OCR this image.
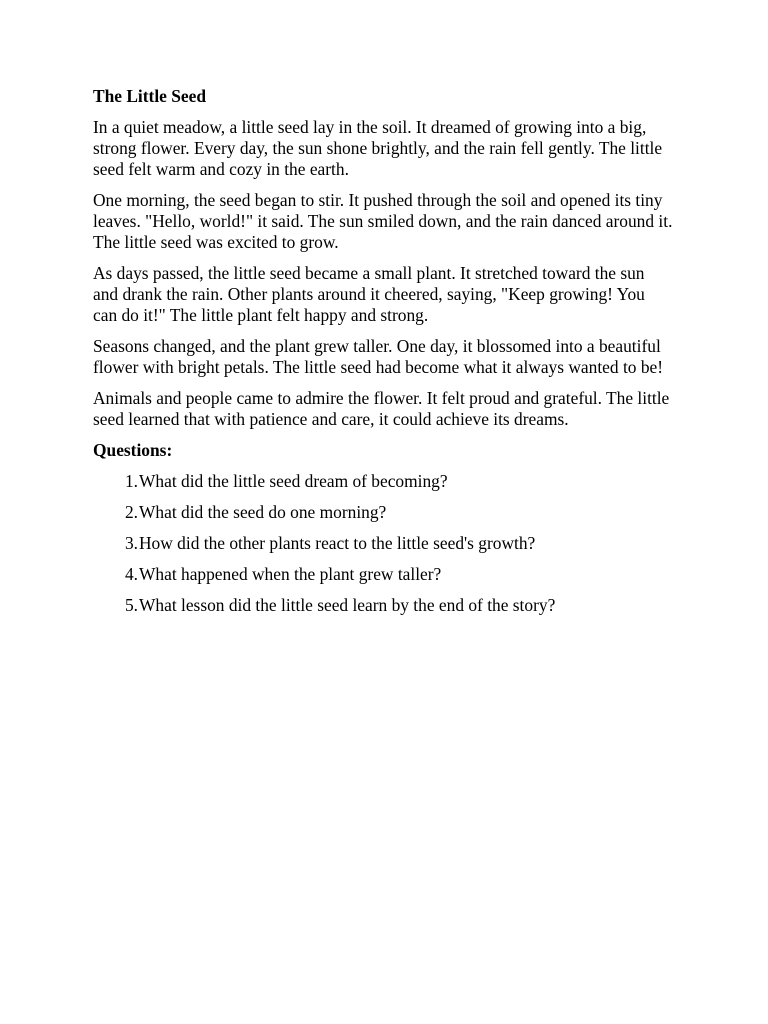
The Little Seed

In a quiet meadow, a little seed lay in the soil. It dreamed of growing into a big, strong flower. Every day, the sun shone brightly, and the rain fell gently. The little seed felt warm and cozy in the earth.

One morning, the seed began to stir. It pushed through the soil and opened its tiny leaves. "Hello, world!" it said. The sun smiled down, and the rain danced around it. The little seed was excited to grow.

As days passed, the little seed became a small plant. It stretched toward the sun and drank the rain. Other plants around it cheered, saying, "Keep growing! You can do it!" The little plant felt happy and strong.

Seasons changed, and the plant grew taller. One day, it blossomed into a beautiful flower with bright petals. The little seed had become what it always wanted to be!

Animals and people came to admire the flower. It felt proud and grateful. The little seed learned that with patience and care, it could achieve its dreams.

Questions:
1 . What did the little seed dream of becoming?
2 . What did the seed do one morning?
3 . How did the other plants react to the little seed's growth?
4 . What happened when the plant grew taller?
5 . What lesson did the little seed learn by the end of the story?
